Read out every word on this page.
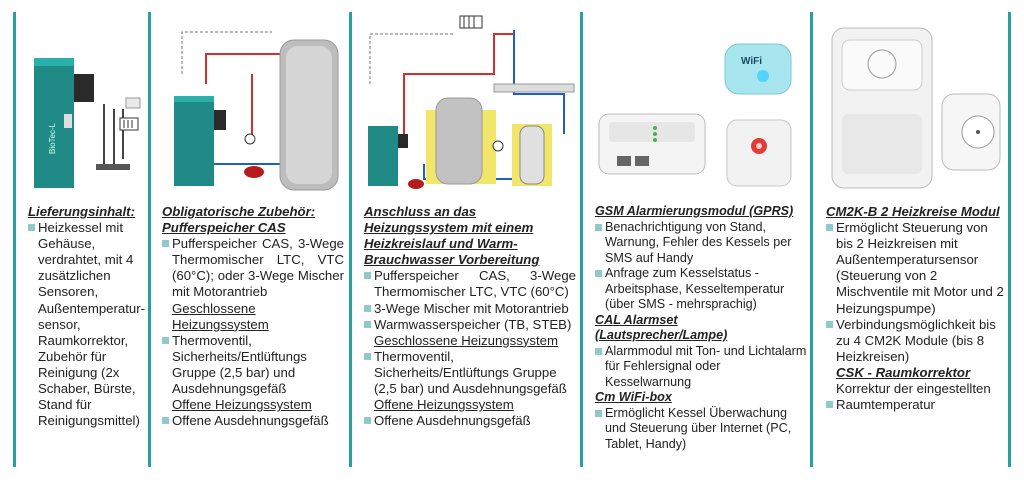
BioTec-L
Lieferungsinhalt:
Heizkessel mit Gehäuse, verdrahtet, mit 4 zusätzlichen Sensoren, Außentemperatur-sensor, Raumkorrektor, Zubehör für Reinigung (2x Schaber, Bürste, Stand für Reinigungsmittel)
Obligatorische Zubehör: Pufferspeicher CAS
Pufferspeicher CAS, 3-Wege Thermomischer LTC, VTC (60°C); oder 3-Wege Mischer mit Motorantrieb
Geschlossene Heizungssystem
Thermoventil, Sicherheits/Entlüftungs Gruppe (2,5 bar) und Ausdehnungsgefäß
Offene Heizungssystem
Offene Ausdehnungsgefäß
Anschluss an das Heizungssystem mit einem Heizkreislauf und Warm-Brauchwasser Vorbereitung
Pufferspeicher CAS, 3-Wege Thermomischer LTC, VTC (60°C)
3-Wege Mischer mit Motorantrieb
Warmwasserspeicher (TB, STEB)
Geschlossene Heizungssystem
Thermoventil, Sicherheits/Entlüftungs Gruppe (2,5 bar) und Ausdehnungsgefäß
Offene Heizungssystem
Offene Ausdehnungsgefäß
WiFi
GSM Alarmierungsmodul (GPRS)
Benachrichtigung von Stand, Warnung, Fehler des Kessels per SMS auf Handy
Anfrage zum Kesselstatus - Arbeitsphase, Kesseltemperatur (über SMS - mehrsprachig)
CAL Alarmset (Lautsprecher/Lampe)
Alarmmodul mit Ton- und Lichtalarm für Fehlersignal oder Kesselwarnung
Cm WiFi-box
Ermöglicht Kessel Überwachung und Steuerung über Internet (PC, Tablet, Handy)
CM2K-B 2 Heizkreise Modul
Ermöglicht Steuerung von bis 2 Heizkreisen mit Außentemperatursensor (Steuerung von 2 Mischventile mit Motor und 2 Heizungspumpe)
Verbindungsmöglichkeit bis zu 4 CM2K Module (bis 8 Heizkreisen)
CSK - Raumkorrektor
Korrektur der eingestellten
Raumtemperatur
